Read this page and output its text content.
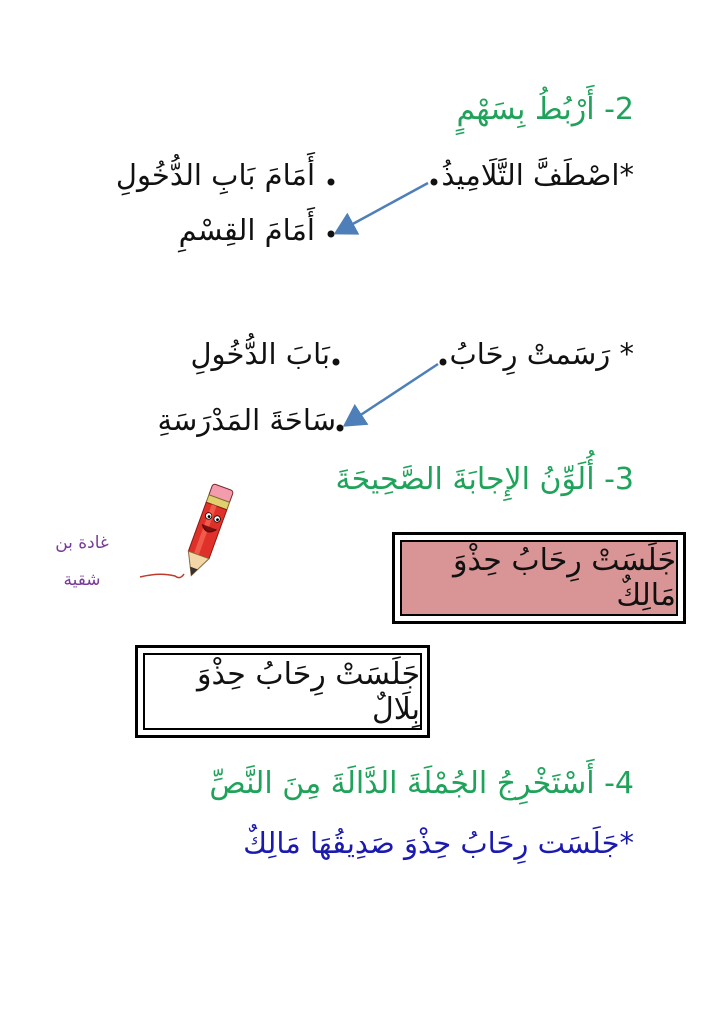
2- أَرْبُطُ بِسَهْمٍ
*اصْطَفَّ التَّلَامِيذُ
أَمَامَ بَابِ الدُّخُولِ
أَمَامَ القِسْمِ
* رَسَمتْ رِحَابُ
بَابَ الدُّخُولِ
سَاحَةَ المَدْرَسَةِ
3- أُلَوِّنُ الإِجابَةَ الصَّحِيحَةَ
غادة بن
شقية
جَلَسَتْ رِحَابُ حِذْوَ مَالِكٌ
جَلَسَتْ رِحَابُ حِذْوَ بِلَالٌ
4- أَسْتَخْرِجُ الجُمْلَةَ الدَّالَةَ مِنَ النَّصِّ
*جَلَسَت رِحَابُ حِذْوَ صَدِيقُهَا مَالِكٌ
